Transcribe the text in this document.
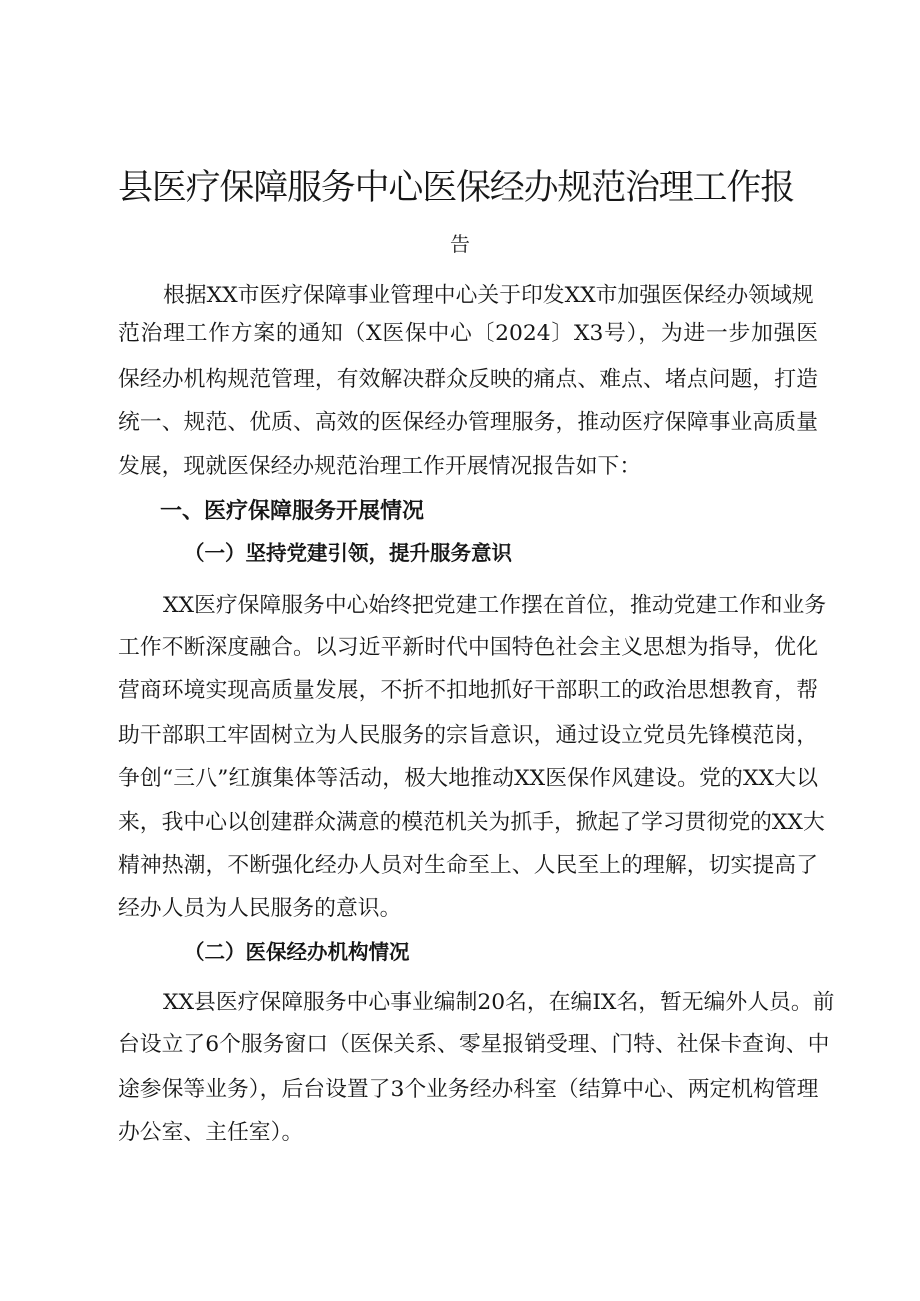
县医疗保障服务中心医保经办规范治理工作报

告

根据XX市医疗保障事业管理中心关于印发XX市加强医保经办领域规

范治理工作方案的通知（X医保中心〔2024〕X3号），为进一步加强医

保经办机构规范管理，有效解决群众反映的痛点、难点、堵点问题，打造

统一、规范、优质、高效的医保经办管理服务，推动医疗保障事业高质量

发展，现就医保经办规范治理工作开展情况报告如下：

一、医疗保障服务开展情况
（一）坚持党建引领，提升服务意识

XX医疗保障服务中心始终把党建工作摆在首位，推动党建工作和业务

工作不断深度融合。以习近平新时代中国特色社会主义思想为指导，优化

营商环境实现高质量发展，不折不扣地抓好干部职工的政治思想教育，帮

助干部职工牢固树立为人民服务的宗旨意识，通过设立党员先锋模范岗，

争创“三八”红旗集体等活动，极大地推动XX医保作风建设。党的XX大以

来，我中心以创建群众满意的模范机关为抓手，掀起了学习贯彻党的XX大

精神热潮，不断强化经办人员对生命至上、人民至上的理解，切实提高了

经办人员为人民服务的意识。

（二）医保经办机构情况

XX县医疗保障服务中心事业编制20名，在编IX名，暂无编外人员。前

台设立了6个服务窗口（医保关系、零星报销受理、门特、社保卡查询、中

途参保等业务），后台设置了3个业务经办科室（结算中心、两定机构管理

办公室、主任室）。
